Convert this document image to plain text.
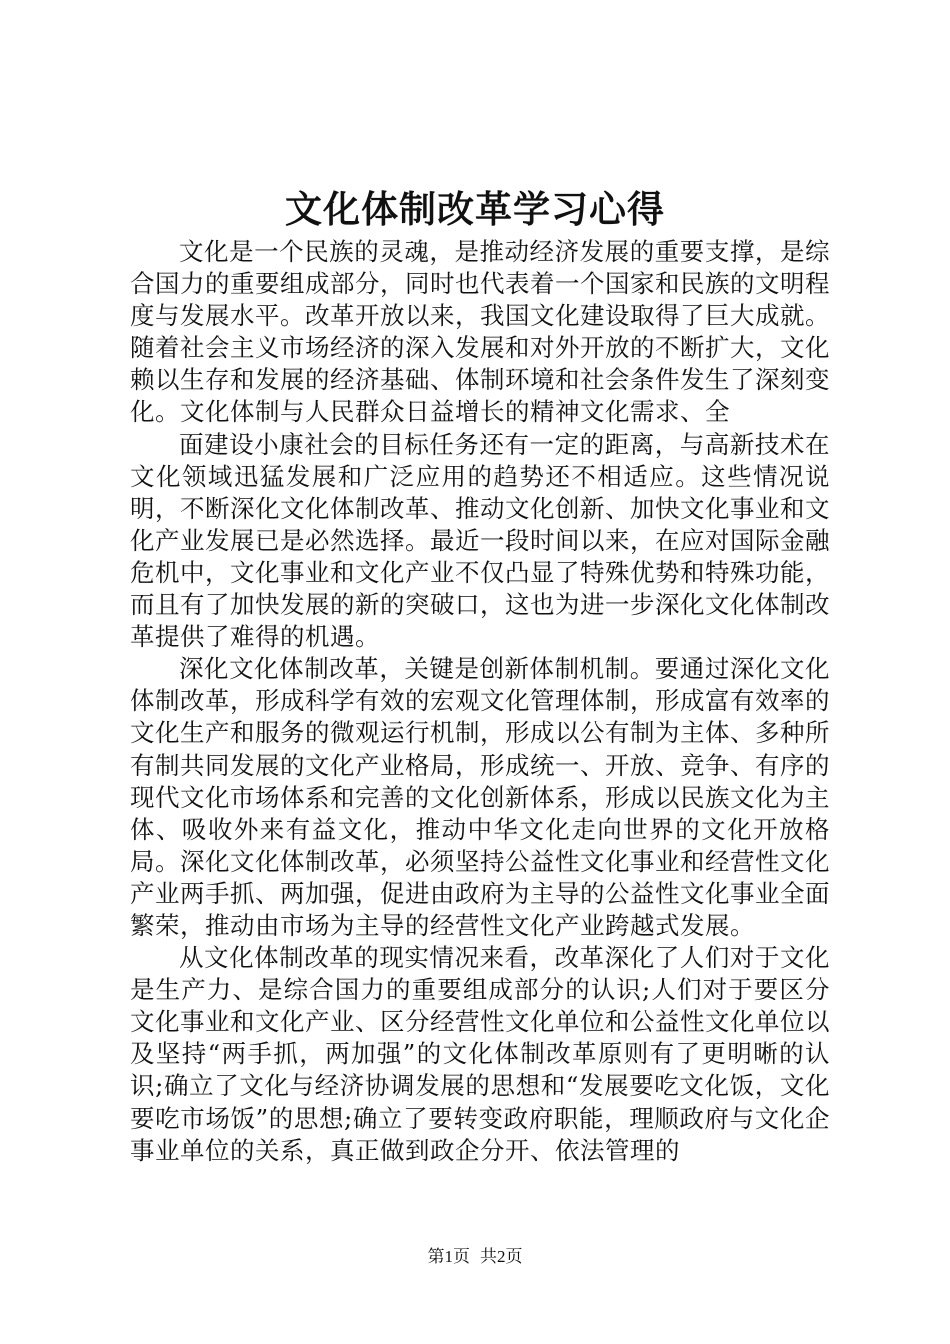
文化体制改革学习心得

文化是一个民族的灵魂，是推动经济发展的重要支撑，是综合国力的重要组成部分，同时也代表着一个国家和民族的文明程度与发展水平。改革开放以来，我国文化建设取得了巨大成就。随着社会主义市场经济的深入发展和对外开放的不断扩大，文化赖以生存和发展的经济基础、体制环境和社会条件发生了深刻变化。文化体制与人民群众日益增长的精神文化需求、全

面建设小康社会的目标任务还有一定的距离，与高新技术在文化领域迅猛发展和广泛应用的趋势还不相适应。这些情况说明，不断深化文化体制改革、推动文化创新、加快文化事业和文化产业发展已是必然选择。最近一段时间以来，在应对国际金融危机中，文化事业和文化产业不仅凸显了特殊优势和特殊功能，而且有了加快发展的新的突破口，这也为进一步深化文化体制改革提供了难得的机遇。

深化文化体制改革，关键是创新体制机制。要通过深化文化体制改革，形成科学有效的宏观文化管理体制，形成富有效率的文化生产和服务的微观运行机制，形成以公有制为主体、多种所有制共同发展的文化产业格局，形成统一、开放、竞争、有序的现代文化市场体系和完善的文化创新体系，形成以民族文化为主体、吸收外来有益文化，推动中华文化走向世界的文化开放格局。深化文化体制改革，必须坚持公益性文化事业和经营性文化产业两手抓、两加强，促进由政府为主导的公益性文化事业全面繁荣，推动由市场为主导的经营性文化产业跨越式发展。

从文化体制改革的现实情况来看，改革深化了人们对于文化是生产力、是综合国力的重要组成部分的认识;人们对于要区分文化事业和文化产业、区分经营性文化单位和公益性文化单位以及坚持“两手抓，两加强”的文化体制改革原则有了更明晰的认识;确立了文化与经济协调发展的思想和“发展要吃文化饭，文化要吃市场饭”的思想;确立了要转变政府职能，理顺政府与文化企事业单位的关系，真正做到政企分开、依法管理的

第1页 共2页
